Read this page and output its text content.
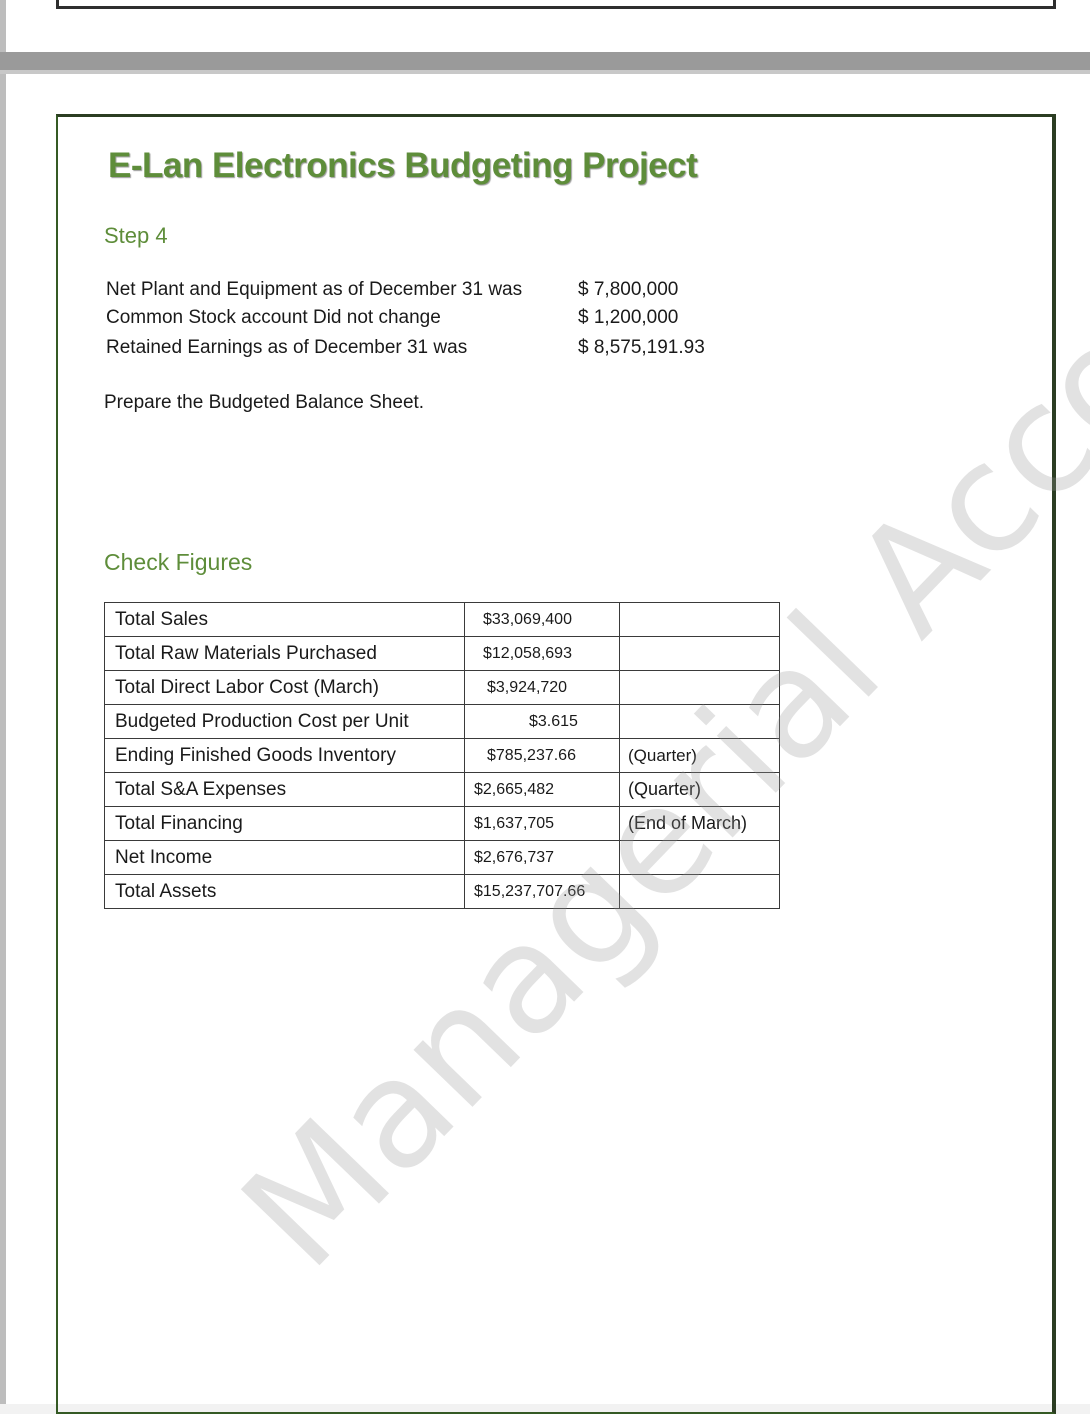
E-Lan Electronics Budgeting Project
Step 4
Net Plant and Equipment as of December 31 was	$ 7,800,000
Common Stock account Did not change	$ 1,200,000
Retained Earnings as of December 31 was	$ 8,575,191.93
Prepare the Budgeted Balance Sheet.
Check Figures
Total Sales	$33,069,400	
Total Raw Materials Purchased	$12,058,693	
Total Direct Labor Cost (March)	$3,924,720	
Budgeted Production Cost per Unit	$3.615	
Ending Finished Goods Inventory	$785,237.66	(Quarter)
Total S&A Expenses	$2,665,482	(Quarter)
Total Financing	$1,637,705	(End of March)
Net Income	$2,676,737	
Total Assets	$15,237,707.66	
